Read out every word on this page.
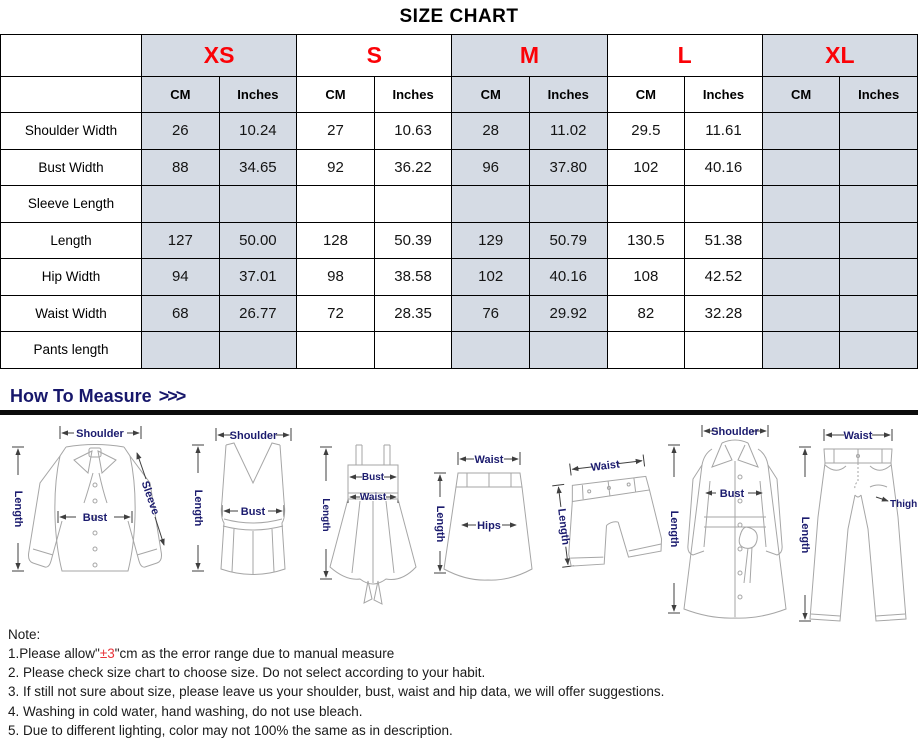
SIZE CHART
	XS		S		M		L		XL	
	CM	Inches	CM	Inches	CM	Inches	CM	Inches	CM	Inches
Shoulder Width	26	10.24	27	10.63	28	11.02	29.5	11.61		
Bust Width	88	34.65	92	36.22	96	37.80	102	40.16		
Sleeve Length										
Length	127	50.00	128	50.39	129	50.79	130.5	51.38		
Hip Width	94	37.01	98	38.58	102	40.16	108	42.52		
Waist Width	68	26.77	72	28.35	76	29.92	82	32.28		
Pants length										
How To Measure >>>
Shoulder
Bust
Sleeve
Length
Shoulder
Bust
Length
Bust
Waist
Length
Waist
Hips
Length
Waist
Length
Shoulder
Bust
Length
Waist
Thigh
Length
Note:
1.Please allow"±3"cm as the error range due to manual measure
2. Please check size chart to choose size. Do not select according to your habit.
3. If still not sure about size, please leave us your shoulder, bust, waist and hip data, we will offer suggestions.
4. Washing in cold water, hand washing, do not use bleach.
5. Due to different lighting, color may not 100% the same as in description.
